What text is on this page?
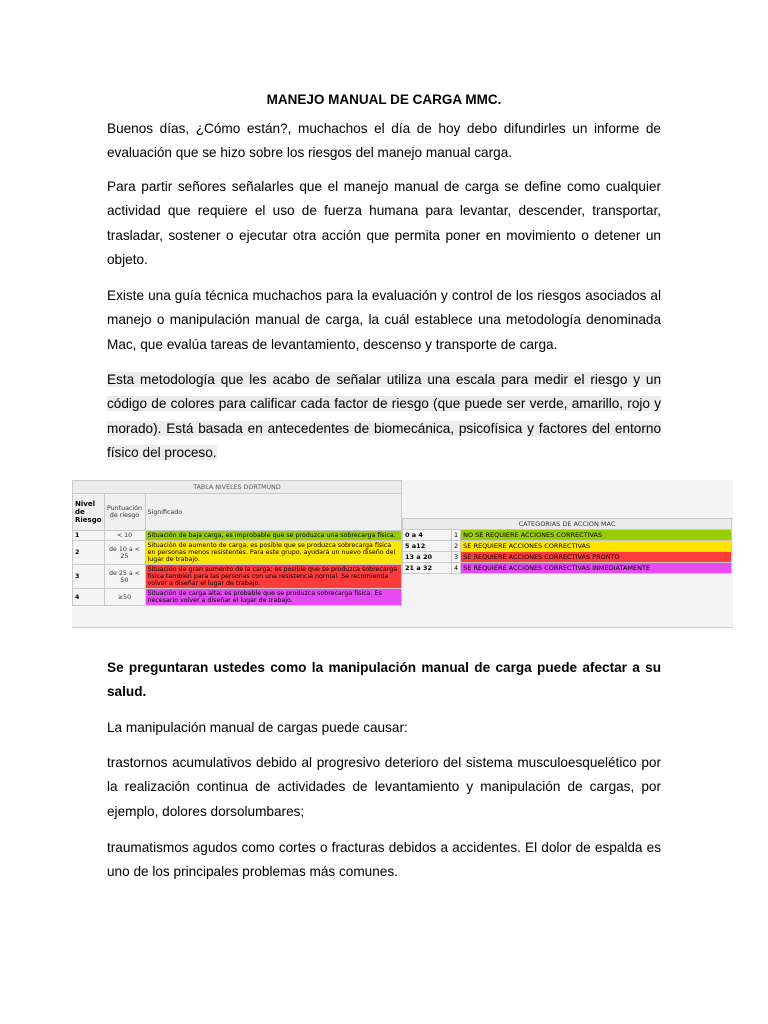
MANEJO MANUAL DE CARGA MMC.

Buenos días, ¿Cómo están?, muchachos el día de hoy debo difundirles un informe de evaluación que se hizo sobre los riesgos del manejo manual carga.

Para partir señores señalarles que el manejo manual de carga se define como cualquier actividad que requiere el uso de fuerza humana para levantar, descender, transportar, trasladar, sostener o ejecutar otra acción que permita poner en movimiento o detener un objeto.

Existe una guía técnica muchachos para la evaluación y control de los riesgos asociados al manejo o manipulación manual de carga, la cuál establece una metodología denominada Mac, que evalúa tareas de levantamiento, descenso y transporte de carga.

Esta metodología que les acabo de señalar utiliza una escala para medir el riesgo y un código de colores para calificar cada factor de riesgo (que puede ser verde, amarillo, rojo y morado). Está basada en antecedentes de biomecánica, psicofísica y factores del entorno físico del proceso.

TABLA NIVELES DORTMUND		
Nivel de Riesgo	Puntuación de riesgo	Significado
1	< 10	Situación de baja carga, es improbable que se produzca una sobrecarga física.
2	de 10 a < 25	Situación de aumento de carga, es posible que se produzca sobrecarga física en personas menos resistentes. Para este grupo, ayudará un nuevo diseño del lugar de trabajo.
3	de 25 a < 50	Situación de gran aumento de la carga; es posible que se produzca sobrecarga física también para las personas con una resistencia normal. Se recomienda volver a diseñar el lugar de trabajo.
4	≥50	Situación de carga alta; es probable que se produzca sobrecarga física. Es necesario volver a diseñar el lugar de trabajo.
CATEGORIAS DE ACCION MAC		
0 a 4	1	NO SE REQUIERE ACCIONES CORRECTIVAS
5 a12	2	SE REQUIERE ACCIONES CORRECTIVAS
13 a 20	3	SE REQUIERE ACCIONES CORRECTIVAS PRONTO
21 a 32	4	SE REQUIERE ACCIONES CORRECTIVAS INMEDIATAMENTE

Se preguntaran ustedes como la manipulación manual de carga puede afectar a su salud.

La manipulación manual de cargas puede causar:

trastornos acumulativos debido al progresivo deterioro del sistema musculoesquelético por la realización continua de actividades de levantamiento y manipulación de cargas, por ejemplo, dolores dorsolumbares;

traumatismos agudos como cortes o fracturas debidos a accidentes. El dolor de espalda es uno de los principales problemas más comunes.
